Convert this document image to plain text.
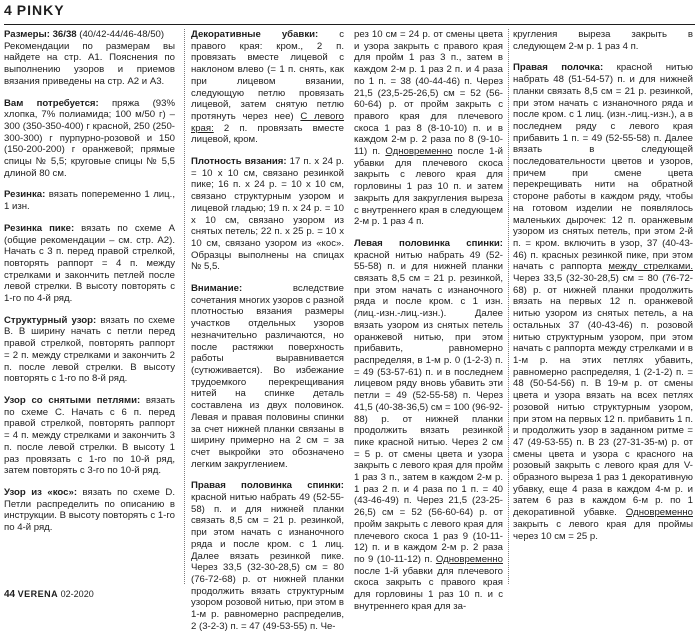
4 PINKY

Размеры: 36/38 (40/42-44/46-48/50)

Рекомендации по размерам вы найдете на стр. A1. Пояснения по выполнению узоров и приемов вязания приведены на стр. A2 и A3.

Вам потребуется: пряжа (93% хлопка, 7% полиамида; 100 м/50 г) – 300 (350-350-400) г красной, 250 (250-300-300) г пурпурно-розовой и 150 (150-200-200) г оранжевой; прямые спицы № 5,5; круговые спицы № 5,5 длиной 80 см.

Резинка: вязать попеременно 1 лиц., 1 изн.

Резинка пике: вязать по схеме A (общие рекомендации – см. стр. A2). Начать с 3 п. перед правой стрелкой, повторять раппорт = 4 п. между стрелками и закончить петлей после левой стрелки. В высоту повторять с 1-го по 4-й ряд.

Структурный узор: вязать по схеме B. В ширину начать с петли перед правой стрелкой, повторять раппорт = 2 п. между стрелками и закончить 2 п. после левой стрелки. В высоту повторять с 1-го по 8-й ряд.

Узор со снятыми петлями: вязать по схеме C. Начать с 6 п. перед правой стрелкой, повторять раппорт = 4 п. между стрелками и закончить 3 п. после левой стрелки. В высоту 1 раз провязать с 1-го по 10-й ряд, затем повторять с 3-го по 10-й ряд.

Узор из «кос»: вязать по схеме D. Петли распределить по описанию в инструкции. В высоту повторять с 1-го по 4-й ряд.

Декоративные убавки: с правого края: кром., 2 п. провязать вместе лицевой с наклоном влево (= 1 п. снять, как при лицевом вязании, следующую петлю провязать лицевой, затем снятую петлю протянуть через нее) С левого края: 2 п. провязать вместе лицевой, кром.

Плотность вязания: 17 п. x 24 р. = 10 x 10 см, связано резинкой пике; 16 п. x 24 р. = 10 x 10 см, связано структурным узором и лицевой гладью; 19 п. x 24 р. = 10 x 10 см, связано узором из снятых петель; 22 п. x 25 р. = 10 x 10 см, связано узором из «кос». Образцы выполнены на спицах № 5,5.

Внимание: вследствие сочетания многих узоров с разной плотностью вязания размеры участков отдельных узоров незначительно различаются, но после растяжки поверхность работы выравнивается (сутюживается). Во избежание трудоемкого перекрещивания нитей на спинке деталь составлена из двух половинок. Левая и правая половины спинки за счет нижней планки связаны в ширину примерно на 2 см = за счет выкройки это обозначено легким закруглением.

Правая половинка спинки: красной нитью набрать 49 (52-55-58) п. и для нижней планки связать 8,5 см = 21 р. резинкой, при этом начать с изнаночного ряда и после кром. с 1 лиц. Далее вязать резинкой пике. Через 33,5 (32-30-28,5) см = 80 (76-72-68) р. от нижней планки продолжить вязать структурным узором розовой нитью, при этом в 1-м р. равномерно распределив, 2 (3-2-3) п. = 47 (49-53-55) п. Че-

рез 10 см = 24 р. от смены цвета и узора закрыть с правого края для пройм 1 раз 3 п., затем в каждом 2-м р. 1 раз 2 п. и 4 раза по 1 п. = 38 (40-44-46) п. Через 21,5 (23,5-25-26,5) см = 52 (56-60-64) р. от пройм закрыть с правого края для плечевого скоса 1 раз 8 (8-10-10) п. и в каждом 2-м р. 2 раза по 8 (9-10-11) п. Одновременно после 1-й убавки для плечевого скоса закрыть с левого края для горловины 1 раз 10 п. и затем закрыть для закругления выреза с внутреннего края в следующем 2-м р. 1 раз 4 п.

Левая половинка спинки: красной нитью набрать 49 (52-55-58) п. и для нижней планки связать 8,5 см = 21 р. резинкой, при этом начать с изнаночного ряда и после кром. с 1 изн. (лиц.-изн.-лиц.-изн.). Далее вязать узором из снятых петель оранжевой нитью, при этом прибавить, равномерно распределяя, в 1-м р. 0 (1-2-3) п. = 49 (53-57-61) п. и в последнем лицевом ряду вновь убавить эти петли = 49 (52-55-58) п. Через 41,5 (40-38-36,5) см = 100 (96-92-88) р. от нижней планки продолжить вязать резинкой пике красной нитью. Через 2 см = 5 р. от смены цвета и узора закрыть с левого края для пройм 1 раз 3 п., затем в каждом 2-м р. 1 раз 2 п. и 4 раза по 1 п. = 40 (43-46-49) п. Через 21,5 (23-25-26,5) см = 52 (56-60-64) р. от пройм закрыть с левого края для плечевого скоса 1 раз 9 (10-11-12) п. и в каждом 2-м р. 2 раза по 9 (10-11-12) п. Одновременно после 1-й убавки для плечевого скоса закрыть с правого края для горловины 1 раз 10 п. и с внутреннего края для за-

кругления выреза закрыть в следующем 2-м р. 1 раз 4 п.

Правая полочка: красной нитью набрать 48 (51-54-57) п. и для нижней планки связать 8,5 см = 21 р. резинкой, при этом начать с изнаночного ряда и после кром. с 1 лиц. (изн.-лиц.-изн.), а в последнем ряду с левого края прибавить 1 п. = 49 (52-55-58) п. Далее вязать в следующей последовательности цветов и узоров, причем при смене цвета перекрещивать нити на обратной стороне работы в каждом ряду, чтобы на готовом изделии не появлялось маленьких дырочек: 12 п. оранжевым узором из снятых петель, при этом 2-й п. = кром. включить в узор, 37 (40-43-46) п. красных резинкой пике, при этом начать с раппорта между стрелками. Через 33,5 (32-30-28,5) см = 80 (76-72-68) р. от нижней планки продолжить вязать на первых 12 п. оранжевой нитью узором из снятых петель, а на остальных 37 (40-43-46) п. розовой нитью структурным узором, при этом начать с раппорта между стрелками и в 1-м р. на этих петлях убавить, равномерно распределяя, 1 (2-1-2) п. = 48 (50-54-56) п. В 19-м р. от смены цвета и узора вязать на всех петлях розовой нитью структурным узором, при этом на первых 12 п. прибавить 1 п. и продолжить узор в заданном ритме = 47 (49-53-55) п. В 23 (27-31-35-м) р. от смены цвета и узора с красного на розовый закрыть с левого края для V-образного выреза 1 раз 1 декоративную убавку, еще 4 раза в каждом 4-м р. и затем 6 раз в каждом 6-м р. по 1 декоративной убавке. Одновременно закрыть с левого края для проймы через 10 см = 25 р.

44 VERENA 02-2020
